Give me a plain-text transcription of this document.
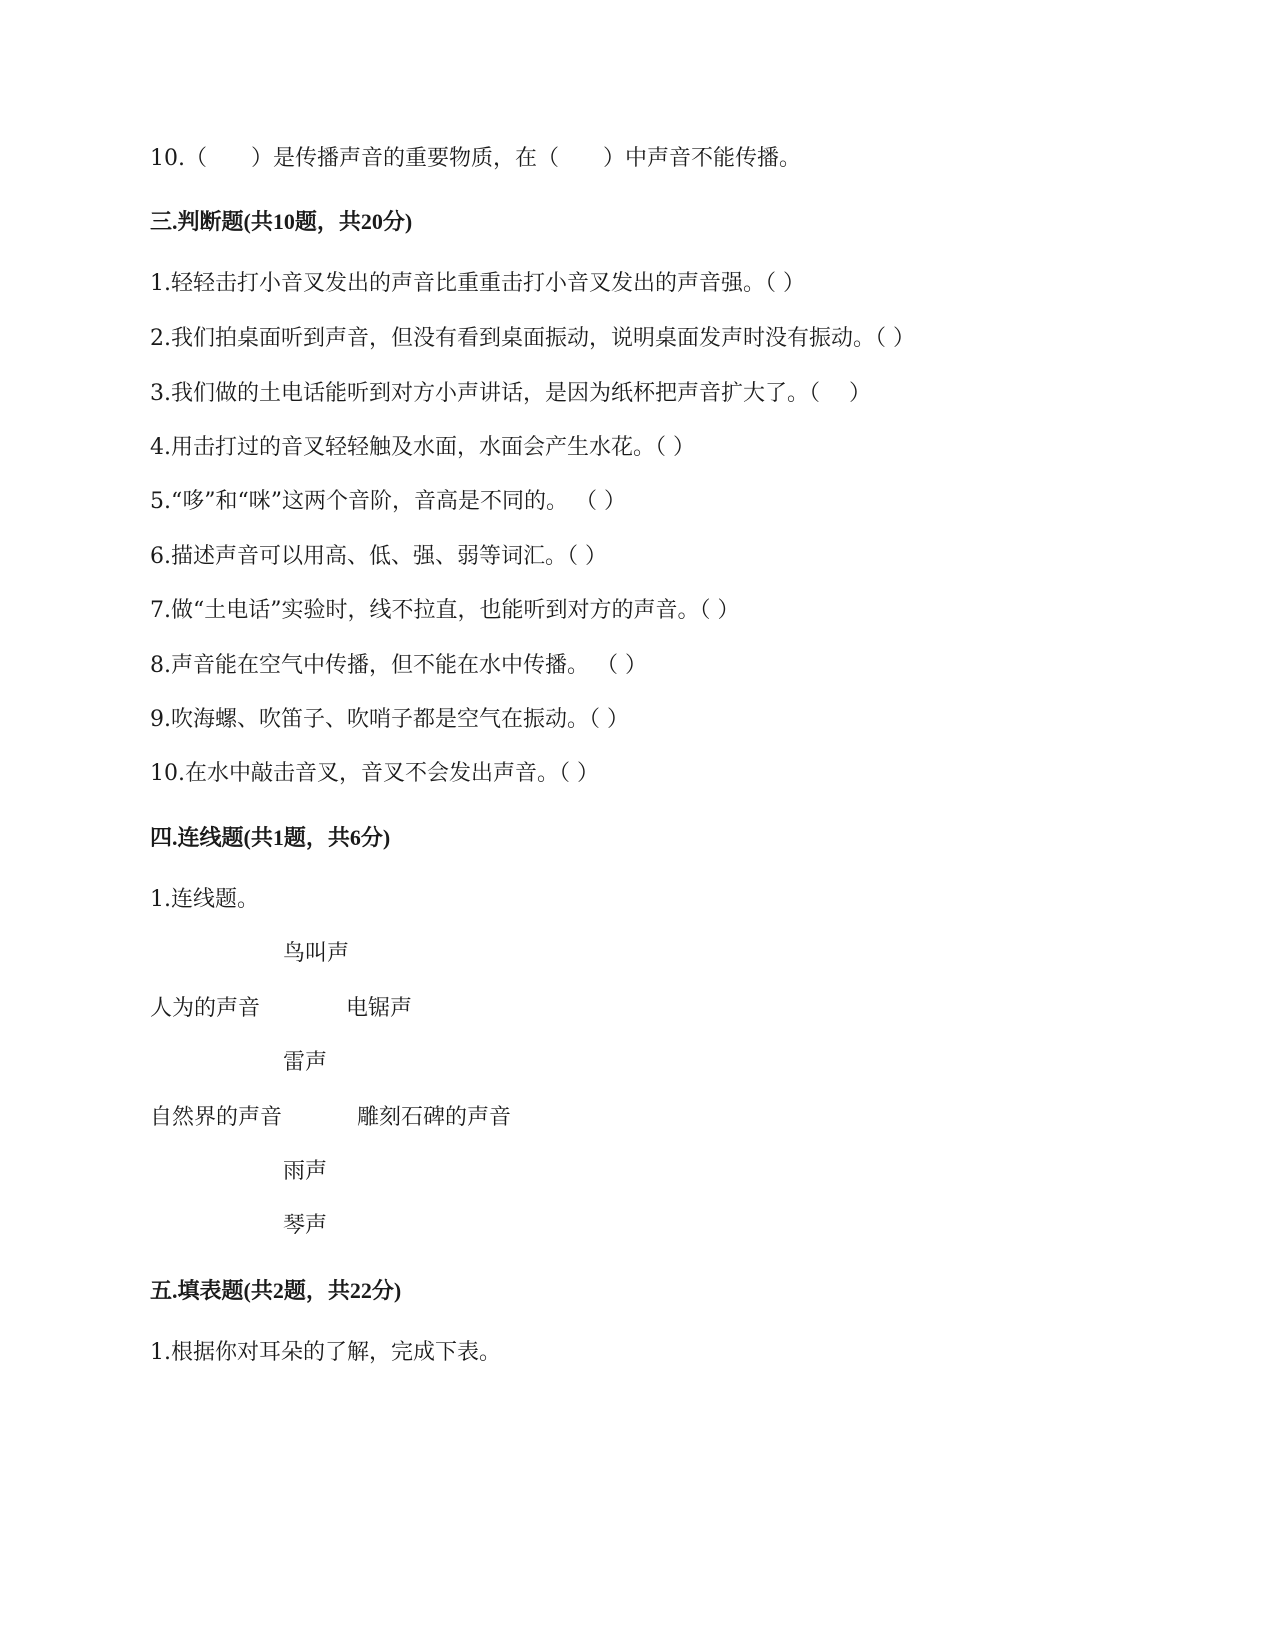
10.（　　）是传播声音的重要物质，在（　　）中声音不能传播。
三.判断题(共10题，共20分)
1.轻轻击打小音叉发出的声音比重重击打小音叉发出的声音强。（ ）
2.我们拍桌面听到声音，但没有看到桌面振动，说明桌面发声时没有振动。（ ）
3.我们做的土电话能听到对方小声讲话，是因为纸杯把声音扩大了。（　 ）
4.用击打过的音叉轻轻触及水面，水面会产生水花。（ ）
5.“哆”和“咪”这两个音阶，音高是不同的。 （ ）
6.描述声音可以用高、低、强、弱等词汇。（ ）
7.做“土电话”实验时，线不拉直，也能听到对方的声音。（ ）
8.声音能在空气中传播，但不能在水中传播。 （ ）
9.吹海螺、吹笛子、吹哨子都是空气在振动。（ ）
10.在水中敲击音叉，音叉不会发出声音。（ ）
四.连线题(共1题，共6分)
1.连线题。
鸟叫声
人为的声音	电锯声
雷声
自然界的声音	雕刻石碑的声音
雨声
琴声
五.填表题(共2题，共22分)
1.根据你对耳朵的了解，完成下表。
